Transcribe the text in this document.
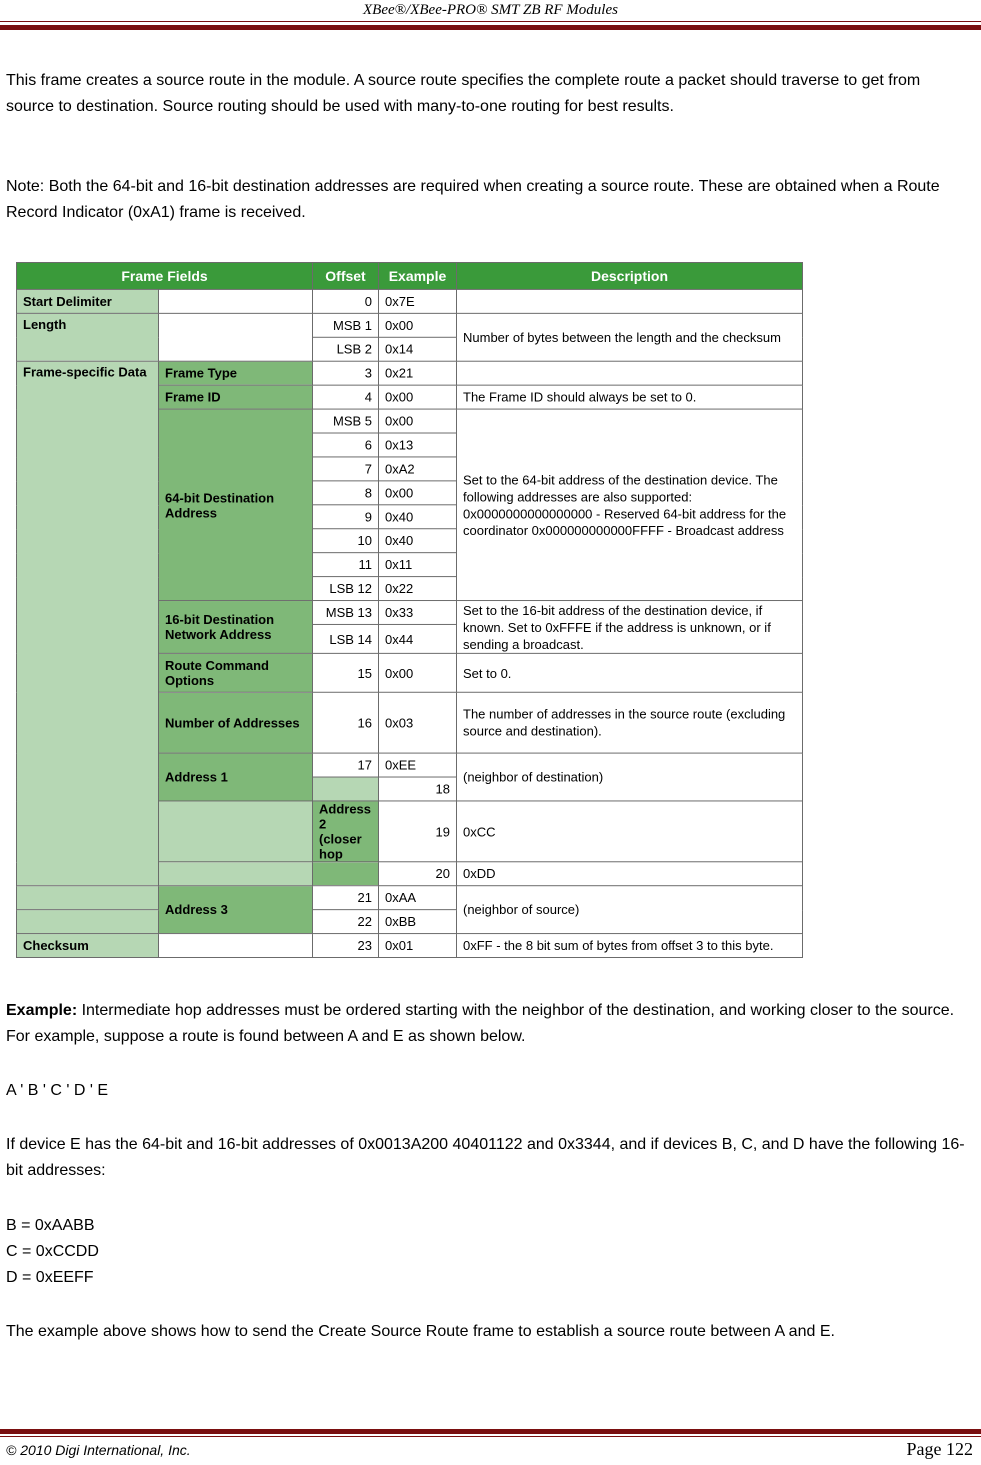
XBee®/XBee‐PRO® SMT ZB RF Modules
This frame creates a source route in the module. A source route specifies the complete route a packet should traverse to get from source to destination. Source routing should be used with many-to-one routing for best results.
Note: Both the 64-bit and 16-bit destination addresses are required when creating a source route. These are obtained when a Route Record Indicator (0xA1) frame is received.
Frame Fields		Offset	Example	Description	
Start Delimiter		0	0x7E		
Length		MSB 1	0x00	Number of bytes between the length and the checksum	
		LSB 2	0x14		
Frame-specific Data	Frame Type	3	0x21		
	Frame ID	4	0x00	The Frame ID should always be set to 0.	
	64-bit Destination Address	MSB 5	0x00	Set to the 64-bit address of the destination device. The following addresses are also supported: 0x0000000000000000 - Reserved 64-bit address for the coordinator 0x000000000000FFFF - Broadcast address	
		6	0x13		
		7	0xA2		
		8	0x00		
		9	0x40		
		10	0x40		
		11	0x11		
		LSB 12	0x22		
	16-bit Destination Network Address	MSB 13	0x33	Set to the 16-bit address of the destination device, if known. Set to 0xFFFE if the address is unknown, or if sending a broadcast.	
		LSB 14	0x44		
	Route Command Options	15	0x00	Set to 0.	
	Number of Addresses	16	0x03	The number of addresses in the source route (excluding source and destination).	
	Address 1	17	0xEE	(neighbor of destination)	
			18	
		Address 2 (closer hop	19	0xCC	
			20	0xDD	
	Address 3	21	0xAA	(neighbor of source)	
		22	0xBB		
Checksum		23	0x01	0xFF - the 8 bit sum of bytes from offset 3 to this byte.	
Example: Intermediate hop addresses must be ordered starting with the neighbor of the destination, and working closer to the source. For example, suppose a route is found between A and E as shown below.
A ' B ' C ' D ' E
If device E has the 64-bit and 16-bit addresses of 0x0013A200 40401122 and 0x3344, and if devices B, C, and D have the following 16-bit addresses:
B = 0xAABB
C = 0xCCDD
D = 0xEEFF
The example above shows how to send the Create Source Route frame to establish a source route between A and E.
© 2010 Digi International, Inc.	Page 122
